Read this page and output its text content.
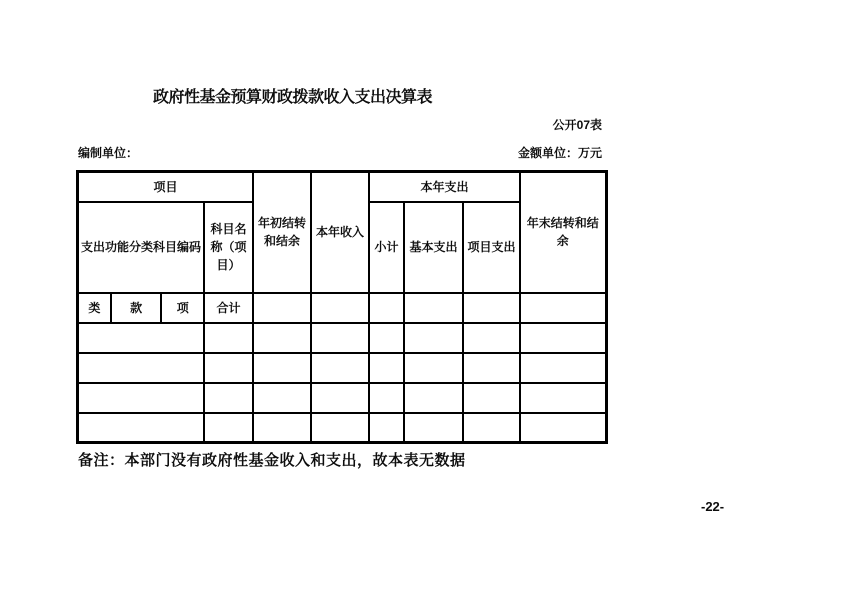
政府性基金预算财政拨款收入支出决算表
公开07表
编制单位：	金额单位：万元
项目				年初结转和结余	本年收入	本年支出			年末结转和结余
支出功能分类科目编码			科目名称（项目）			小计	基本支出	项目支出	
类	款	项	合计						

备注：本部门没有政府性基金收入和支出，故本表无数据
-22-
